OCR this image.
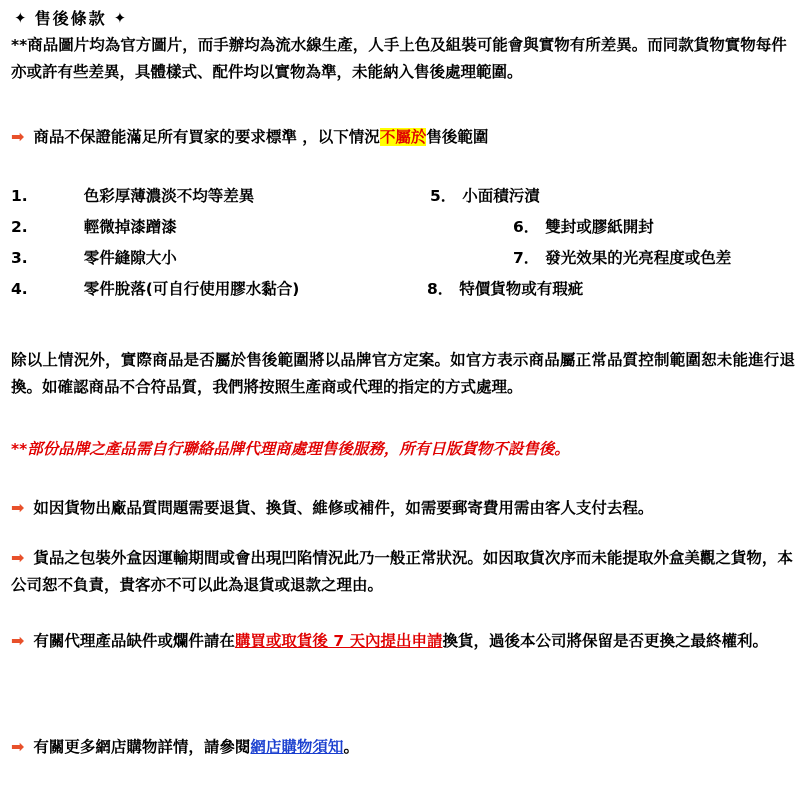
✦ 售後條款 ✦
**商品圖片均為官方圖片，而手辦均為流水線生產，人手上色及組裝可能會與實物有所差異。而同款貨物實物每件亦或許有些差異，具體樣式、配件均以實物為準，未能納入售後處理範圍。
➡ 商品不保證能滿足所有買家的要求標準 ，以下情況不屬於售後範圍
1.	色彩厚薄濃淡不均等差異
2.	輕微掉漆蹭漆
3.	零件縫隙大小
4.	零件脫落(可自行使用膠水黏合)
5． 小面積污漬
6． 雙封或膠紙開封
7． 發光效果的光亮程度或色差
8． 特價貨物或有瑕疵
除以上情況外，實際商品是否屬於售後範圍將以品牌官方定案。如官方表示商品屬正常品質控制範圍恕未能進行退換。如確認商品不合符品質，我們將按照生產商或代理的指定的方式處理。
**部份品牌之產品需自行聯絡品牌代理商處理售後服務，所有日版貨物不設售後。
➡ 如因貨物出廠品質問題需要退貨、換貨、維修或補件，如需要郵寄費用需由客人支付去程。
➡ 貨品之包裝外盒因運輸期間或會出現凹陷情況此乃一般正常狀況。如因取貨次序而未能提取外盒美觀之貨物，本公司恕不負責，貴客亦不可以此為退貨或退款之理由。
➡ 有關代理產品缺件或爛件請在購買或取貨後 7 天內提出申請換貨，過後本公司將保留是否更換之最終權利。
➡ 有關更多網店購物詳情，請參閱網店購物須知。
